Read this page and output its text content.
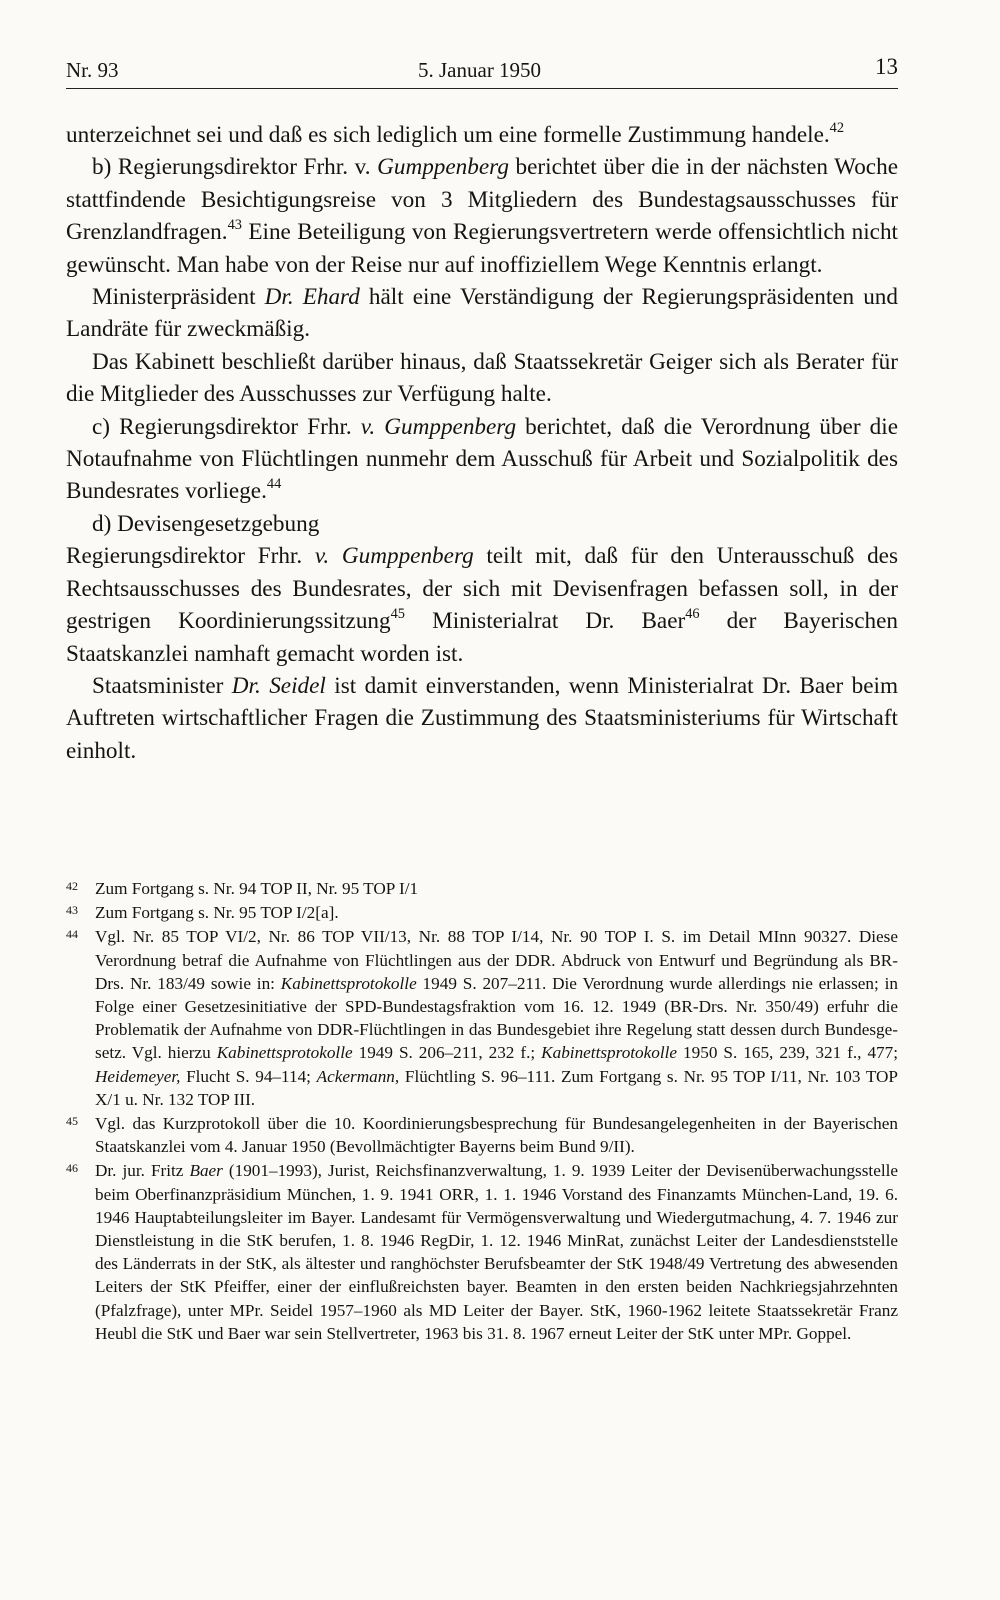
Nr. 93	5. Januar 1950	13

unterzeichnet sei und daß es sich lediglich um eine formelle Zustimmung handele.$^{42}$

b) Regierungsdirektor Frhr. v. Gumppenberg berichtet über die in der nächsten Woche stattfindende Besichtigungsreise von 3 Mitgliedern des Bundestagsausschusses für Grenzlandfragen.$^{43}$ Eine Beteiligung von Regierungsvertretern werde offensichtlich nicht gewünscht. Man habe von der Reise nur auf inoffiziellem Wege Kenntnis erlangt.

Ministerpräsident Dr. Ehard hält eine Verständigung der Regierungspräsidenten und Landräte für zweckmäßig.

Das Kabinett beschließt darüber hinaus, daß Staatssekretär Geiger sich als Berater für die Mitglieder des Ausschusses zur Verfügung halte.

c) Regierungsdirektor Frhr. v. Gumppenberg berichtet, daß die Verordnung über die Notaufnahme von Flüchtlingen nunmehr dem Ausschuß für Arbeit und Sozialpolitik des Bundesrates vorliege.$^{44}$

d) Devisengesetzgebung

Regierungsdirektor Frhr. v. Gumppenberg teilt mit, daß für den Unterausschuß des Rechtsausschusses des Bundesrates, der sich mit Devisenfragen befassen soll, in der gestrigen Koordinierungssitzung$^{45}$ Ministerialrat Dr. Baer$^{46}$ der Bayerischen Staatskanzlei namhaft gemacht worden ist.

Staatsminister Dr. Seidel ist damit einverstanden, wenn Ministerialrat Dr. Baer beim Auftreten wirtschaftlicher Fragen die Zustimmung des Staatsministeriums für Wirtschaft einholt.

42 Zum Fortgang s. Nr. 94 TOP II, Nr. 95 TOP I/1
43 Zum Fortgang s. Nr. 95 TOP I/2[a].
44 Vgl. Nr. 85 TOP VI/2, Nr. 86 TOP VII/13, Nr. 88 TOP I/14, Nr. 90 TOP I. S. im Detail MInn 90327. Diese Verordnung betraf die Aufnahme von Flüchtlingen aus der DDR. Abdruck von Entwurf und Begründung als BR-Drs. Nr. 183/49 sowie in: Kabinettsprotokolle 1949 S. 207–211. Die Verordnung wurde allerdings nie erlassen; in Folge einer Gesetzesinitiative der SPD-Bundestagsfraktion vom 16. 12. 1949 (BR-Drs. Nr. 350/49) erfuhr die Problematik der Aufnahme von DDR-Flüchtlingen in das Bundesgebiet ihre Regelung statt dessen durch Bundesgesetz. Vgl. hierzu Kabinettsprotokolle 1949 S. 206–211, 232 f.; Kabinettsprotokolle 1950 S. 165, 239, 321 f., 477; Heidemeyer, Flucht S. 94–114; Ackermann, Flüchtling S. 96–111. Zum Fortgang s. Nr. 95 TOP I/11, Nr. 103 TOP X/1 u. Nr. 132 TOP III.
45 Vgl. das Kurzprotokoll über die 10. Koordinierungsbesprechung für Bundesangelegenheiten in der Bayerischen Staatskanzlei vom 4. Januar 1950 (Bevollmächtigter Bayerns beim Bund 9/II).
46 Dr. jur. Fritz Baer (1901–1993), Jurist, Reichsfinanzverwaltung, 1. 9. 1939 Leiter der Devisenüberwachungsstelle beim Oberfinanzpräsidium München, 1. 9. 1941 ORR, 1. 1. 1946 Vorstand des Finanzamts München-Land, 19. 6. 1946 Hauptabteilungsleiter im Bayer. Landesamt für Vermögensverwaltung und Wiedergutmachung, 4. 7. 1946 zur Dienstleistung in die StK berufen, 1. 8. 1946 RegDir, 1. 12. 1946 MinRat, zunächst Leiter der Landesdienststelle des Länderrats in der StK, als ältester und ranghöchster Berufsbeamter der StK 1948/49 Vertretung des abwesenden Leiters der StK Pfeiffer, einer der einflußreichsten bayer. Beamten in den ersten beiden Nachkriegsjahrzehnten (Pfalzfrage), unter MPr. Seidel 1957–1960 als MD Leiter der Bayer. StK, 1960-1962 leitete Staatssekretär Franz Heubl die StK und Baer war sein Stellvertreter, 1963 bis 31. 8. 1967 erneut Leiter der StK unter MPr. Goppel.
